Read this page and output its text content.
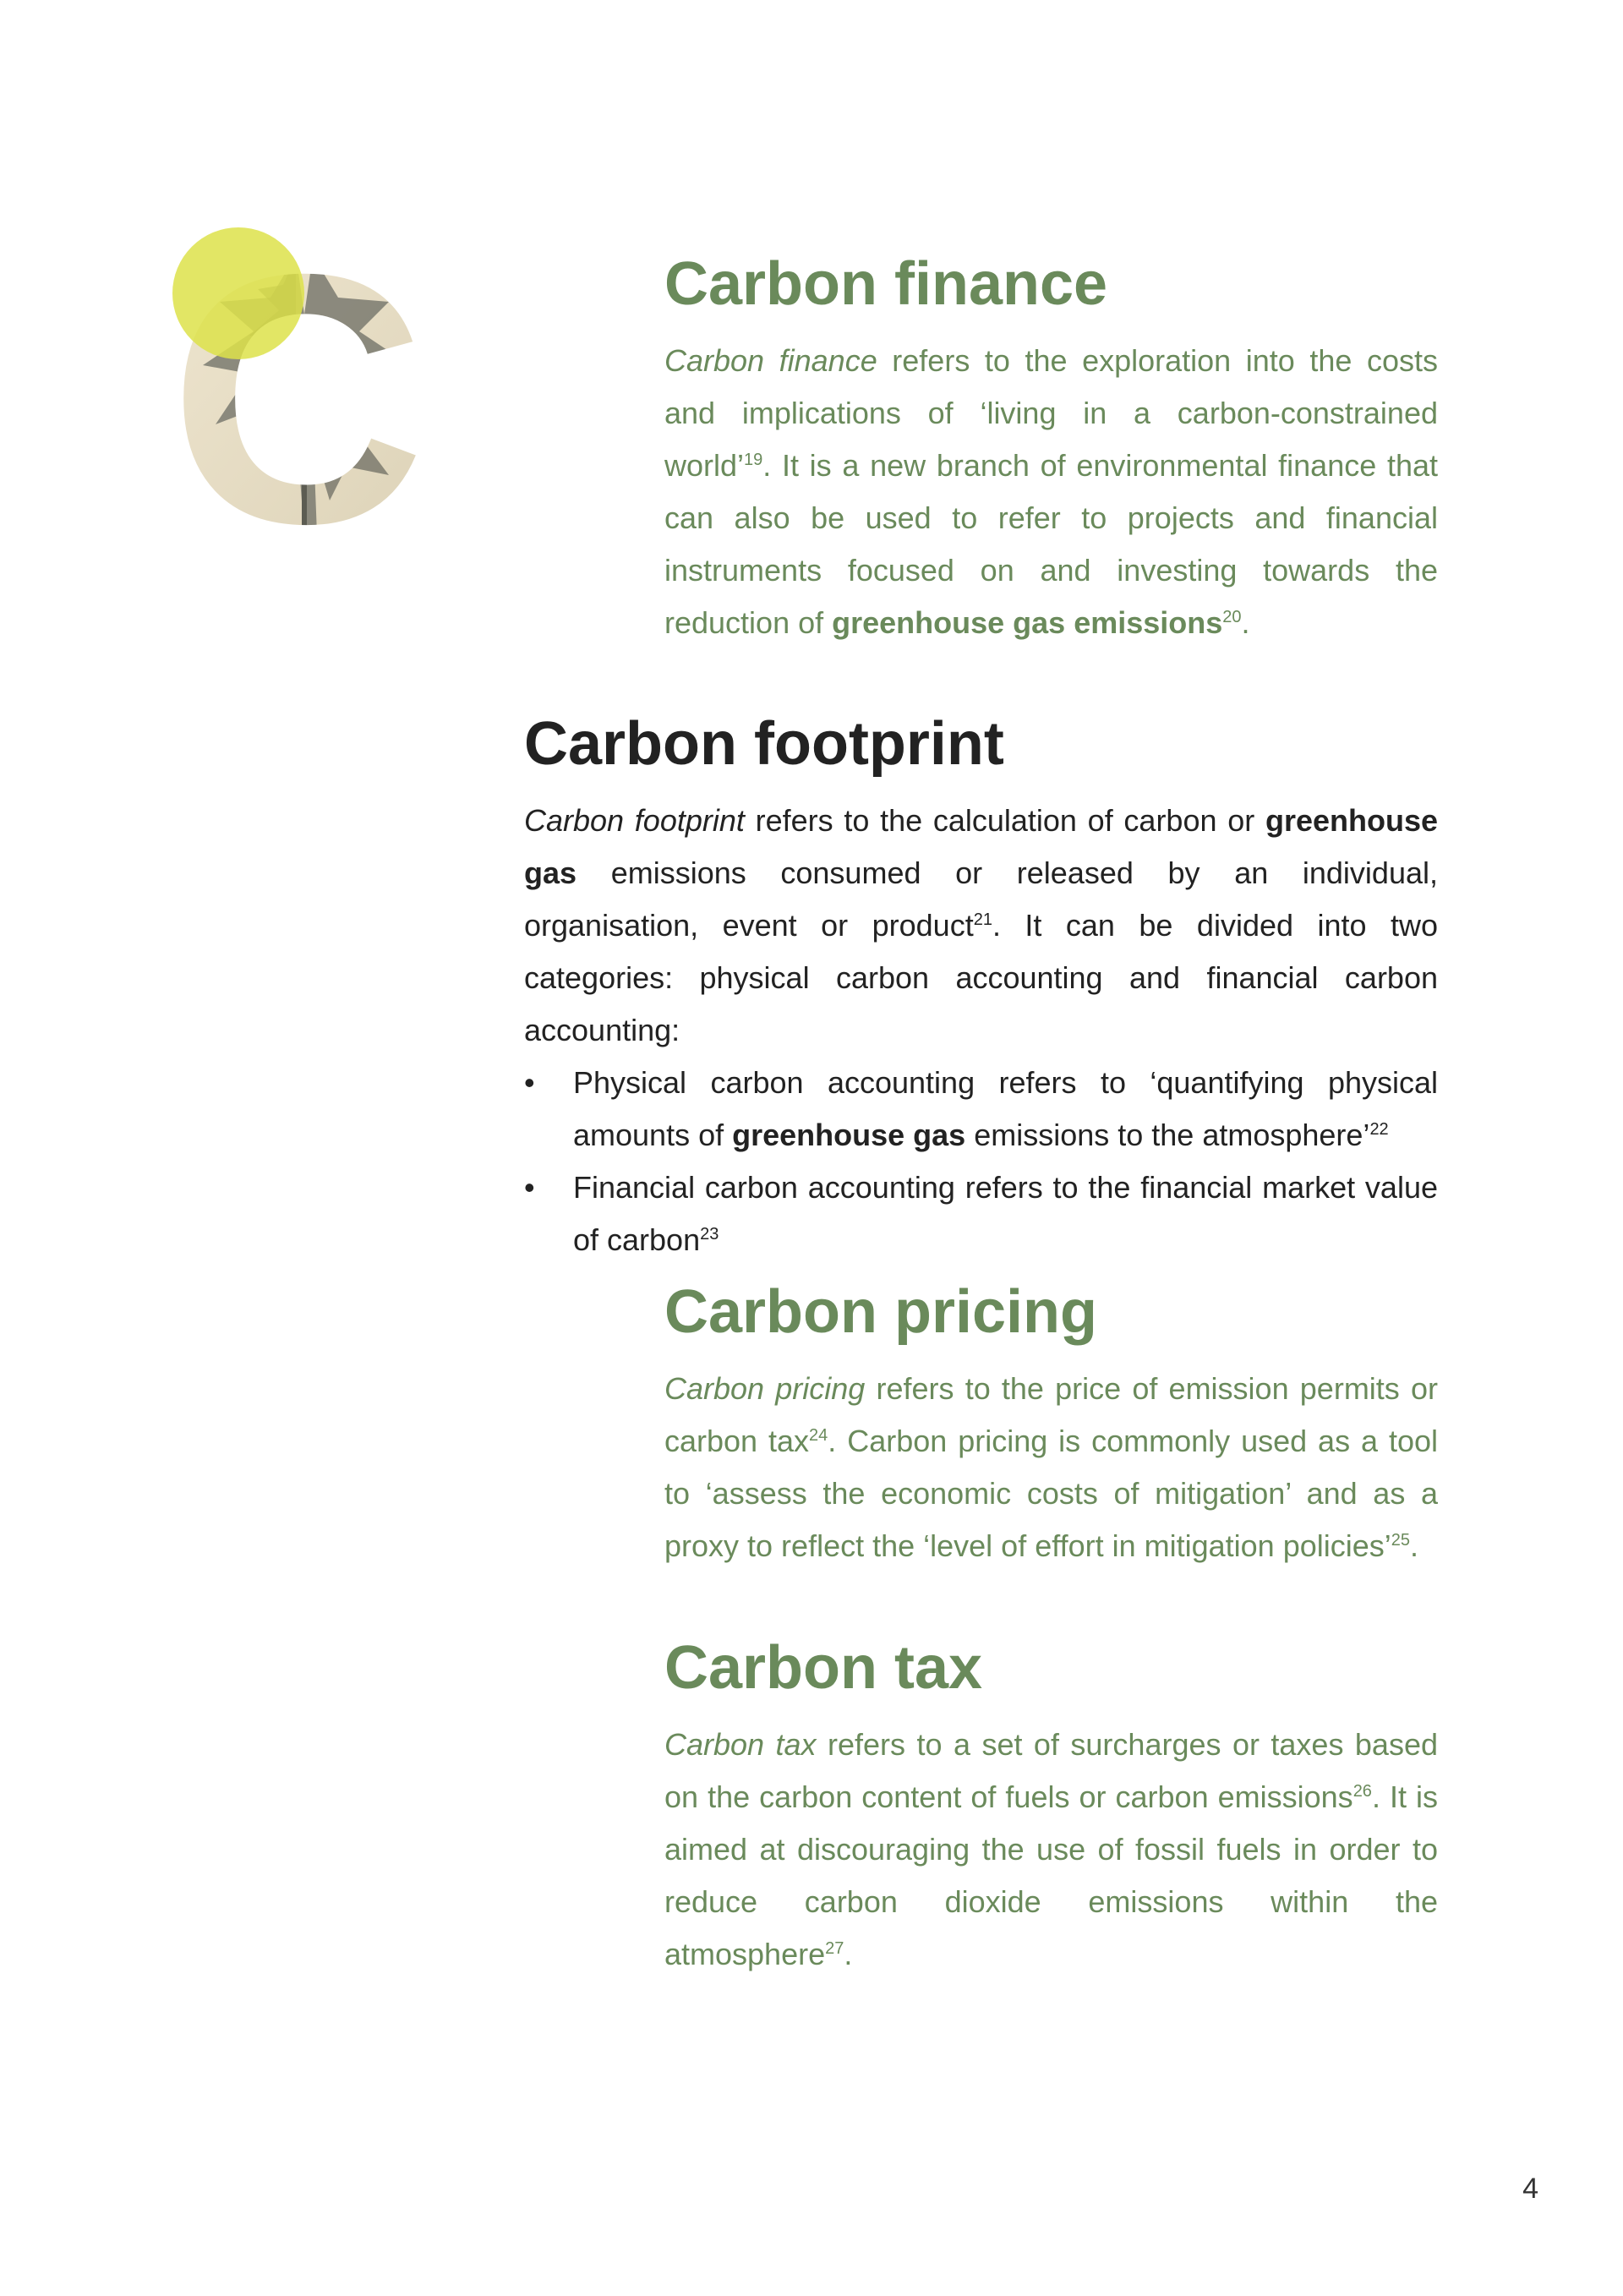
Carbon finance

Carbon finance refers to the exploration into the costs and implications of ‘living in a carbon-constrained world’$^{19}$. It is a new branch of environmental finance that can also be used to refer to projects and financial instruments focused on and investing towards the reduction of greenhouse gas emissions$^{20}$.

Carbon footprint

Carbon footprint refers to the calculation of carbon or greenhouse gas emissions consumed or released by an individual, organisation, event or product$^{21}$. It can be divided into two categories: physical carbon accounting and financial carbon accounting:

•	Physical carbon accounting refers to ‘quantifying physical amounts of greenhouse gas emissions to the atmosphere’$^{22}$
•	Financial carbon accounting refers to the financial market value of carbon$^{23}$
Carbon pricing

Carbon pricing refers to the price of emission permits or carbon tax$^{24}$. Carbon pricing is commonly used as a tool to ‘assess the economic costs of mitigation’ and as a proxy to reflect the ‘level of effort in mitigation policies’$^{25}$.

Carbon tax

Carbon tax refers to a set of surcharges or taxes based on the carbon content of fuels or carbon emissions$^{26}$. It is aimed at discouraging the use of fossil fuels in order to reduce carbon dioxide emissions within the atmosphere$^{27}$.

4
